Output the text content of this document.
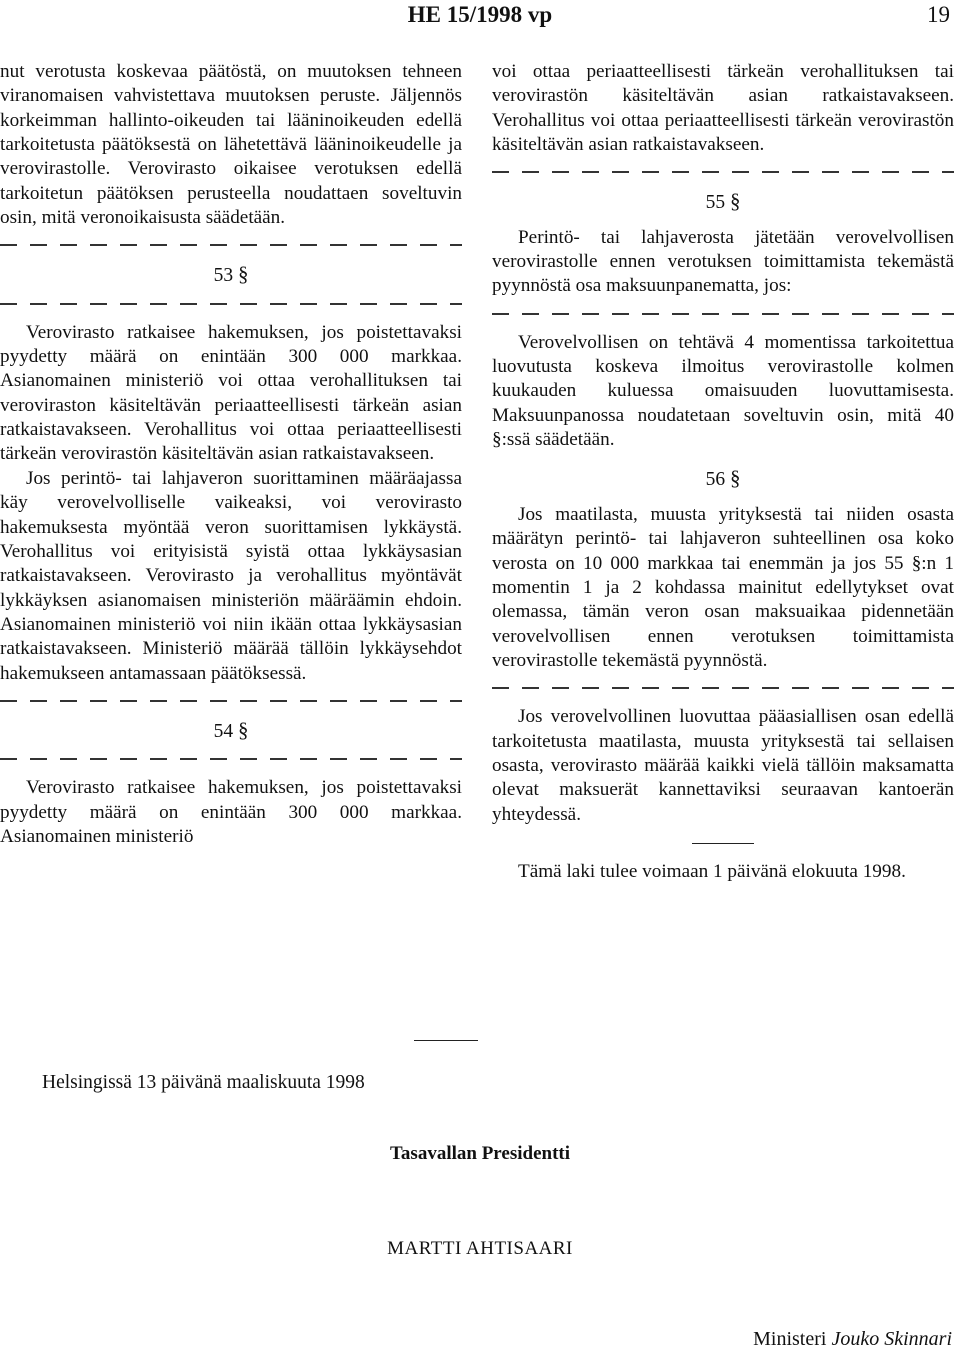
HE 15/1998 vp	19

nut verotusta koskevaa päätöstä, on muutoksen tehneen viranomaisen vahvistettava muutoksen peruste. Jäljennös korkeimman hallinto-oikeuden tai lääninoikeuden edellä tarkoitetusta päätöksestä on lähetettävä lääninoikeudelle ja verovirastolle. Verovirasto oikaisee verotuksen edellä tarkoitetun päätöksen perusteella noudattaen soveltuvin osin, mitä veronoikaisusta säädetään.

53 §

Verovirasto ratkaisee hakemuksen, jos poistettavaksi pyydetty määrä on enintään 300 000 markkaa. Asianomainen ministeriö voi ottaa verohallituksen tai veroviraston käsiteltävän periaatteellisesti tärkeän asian ratkaistavakseen. Verohallitus voi ottaa periaatteellisesti tärkeän verovirastön käsiteltävän asian ratkaistavakseen.

Jos perintö- tai lahjaveron suorittaminen määräajassa käy verovelvolliselle vaikeaksi, voi verovirasto hakemuksesta myöntää veron suorittamisen lykkäystä. Verohallitus voi erityisistä syistä ottaa lykkäysasian ratkaistavakseen. Verovirasto ja verohallitus myöntävät lykkäyksen asianomaisen ministeriön määräämin ehdoin. Asianomainen ministeriö voi niin ikään ottaa lykkäysasian ratkaistavakseen. Ministeriö määrää tällöin lykkäysehdot hakemukseen antamassaan päätöksessä.

54 §

Verovirasto ratkaisee hakemuksen, jos poistettavaksi pyydetty määrä on enintään 300 000 markkaa. Asianomainen ministeriö

voi ottaa periaatteellisesti tärkeän verohallituksen tai verovirastön käsiteltävän asian ratkaistavakseen. Verohallitus voi ottaa periaatteellisesti tärkeän verovirastön käsiteltävän asian ratkaistavakseen.

55 §

Perintö- tai lahjaverosta jätetään verovelvollisen verovirastolle ennen verotuksen toimittamista tekemästä pyynnöstä osa maksuunpanematta, jos:

Verovelvollisen on tehtävä 4 momentissa tarkoitettua luovutusta koskeva ilmoitus verovirastolle kolmen kuukauden kuluessa omaisuuden luovuttamisesta. Maksuunpanossa noudatetaan soveltuvin osin, mitä 40 §:ssä säädetään.

56 §

Jos maatilasta, muusta yrityksestä tai niiden osasta määrätyn perintö- tai lahjaveron suhteellinen osa koko verosta on 10 000 markkaa tai enemmän ja jos 55 §:n 1 momentin 1 ja 2 kohdassa mainitut edellytykset ovat olemassa, tämän veron osan maksuaikaa pidennetään verovelvollisen ennen verotuksen toimittamista verovirastolle tekemästä pyynnöstä.

Jos verovelvollinen luovuttaa pääasiallisen osan edellä tarkoitetusta maatilasta, muusta yrityksestä tai sellaisen osasta, verovirasto määrää kaikki vielä tällöin maksamatta olevat maksuerät kannettaviksi seuraavan kantoerän yhteydessä.

Tämä laki tulee voimaan 1 päivänä elokuuta 1998.

Helsingissä 13 päivänä maaliskuuta 1998
Tasavallan Presidentti
MARTTI AHTISAARI
Ministeri Jouko Skinnari
